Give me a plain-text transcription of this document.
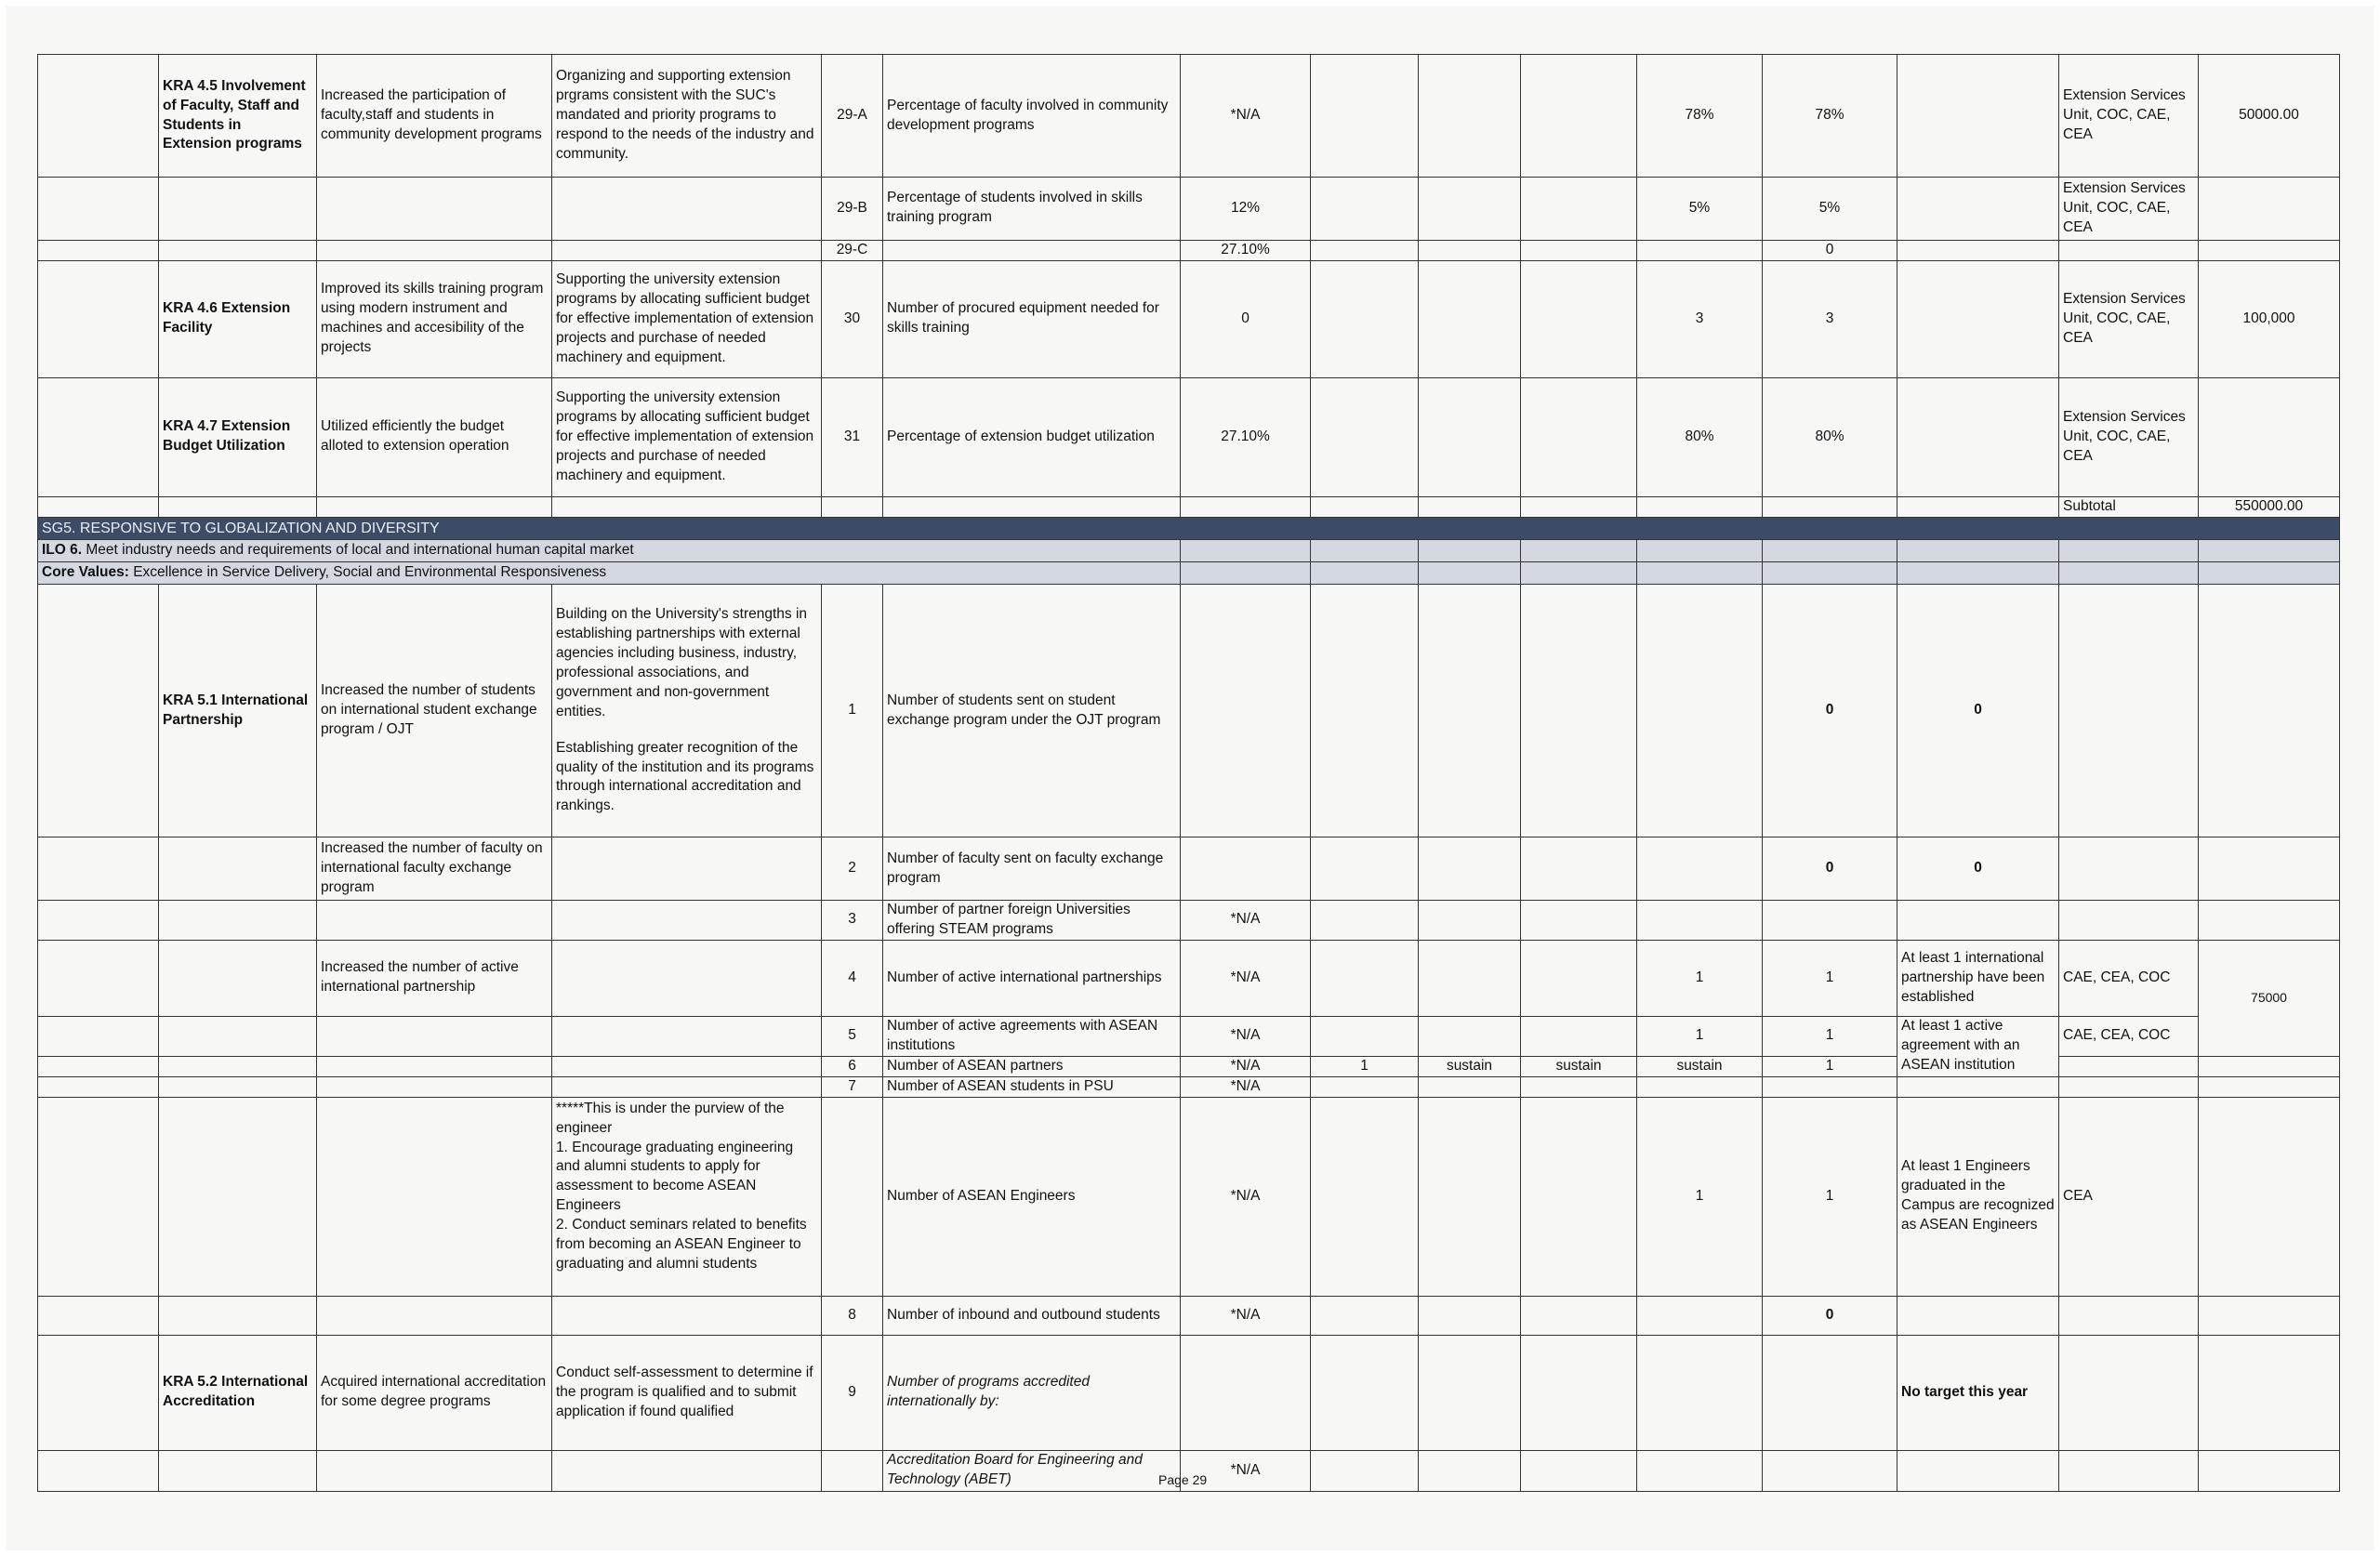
	KRA 4.5 Involvement of Faculty, Staff and Students in Extension programs	Increased the participation of faculty,staff and students in community development programs	Organizing and supporting extension prgrams consistent with the SUC's mandated and priority programs to respond to the needs of the industry and community.	29-A	Percentage of faculty involved in community development programs	*N/A				78%	78%		Extension Services Unit, COC, CAE, CEA	50000.00
				29-B	Percentage of students involved in skills training program	12%				5%	5%		Extension Services Unit, COC, CAE, CEA	
				29-C		27.10%					0			
	KRA 4.6 Extension Facility	Improved its skills training program using modern instrument and machines and accesibility of the projects	Supporting the university extension programs by allocating sufficient budget for effective implementation of extension projects and purchase of needed machinery and equipment.	30	Number of procured equipment needed for skills training	0				3	3		Extension Services Unit, COC, CAE, CEA	100,000
	KRA 4.7 Extension Budget Utilization	Utilized efficiently the budget alloted to extension operation	Supporting the university extension programs by allocating sufficient budget for effective implementation of extension projects and purchase of needed machinery and equipment.	31	Percentage of extension budget utilization	27.10%				80%	80%		Extension Services Unit, COC, CAE, CEA	
													Subtotal	550000.00
SG5. RESPONSIVE TO GLOBALIZATION AND DIVERSITY														
ILO 6. Meet industry needs and requirements of local and international human capital market														
Core Values: Excellence in Service Delivery, Social and Environmental Responsiveness														
	KRA 5.1 International Partnership	Increased the number of students on international student exchange program / OJT	Building on the University's strengths in establishing partnerships with external agencies including business, industry, professional associations, and government and non-government entities.
Establishing greater recognition of the quality of the institution and its programs through international accreditation and rankings.	1	Number of students sent on student exchange program under the OJT program						0	0		
		Increased the number of faculty on international faculty exchange program		2	Number of faculty sent on faculty exchange program						0	0		
				3	Number of partner foreign Universities offering STEAM programs	*N/A								
		Increased the number of active international partnership		4	Number of active international partnerships	*N/A				1	1	At least 1 international partnership have been established	CAE, CEA, COC	75000
				5	Number of active agreements with ASEAN institutions	*N/A				1	1	At least 1 active agreement with an ASEAN institution	CAE, CEA, COC	
				6	Number of ASEAN partners	*N/A	1	sustain	sustain	sustain	1			
				7	Number of ASEAN students in PSU	*N/A								
			*****This is under the purview of the engineer
1. Encourage graduating engineering and alumni students to apply for assessment to become ASEAN Engineers
2. Conduct seminars related to benefits from becoming an ASEAN Engineer to graduating and alumni students		Number of ASEAN Engineers	*N/A				1	1	At least 1 Engineers graduated in the Campus are recognized as ASEAN Engineers	CEA	
				8	Number of inbound and outbound students	*N/A					0			
	KRA 5.2 International Accreditation	Acquired international accreditation for some degree programs	Conduct self-assessment to determine if the program is qualified and to submit application if found qualified	9	Number of programs accredited internationally by:							No target this year		
					Accreditation Board for Engineering and Technology (ABET)	*N/A								
Page 29
